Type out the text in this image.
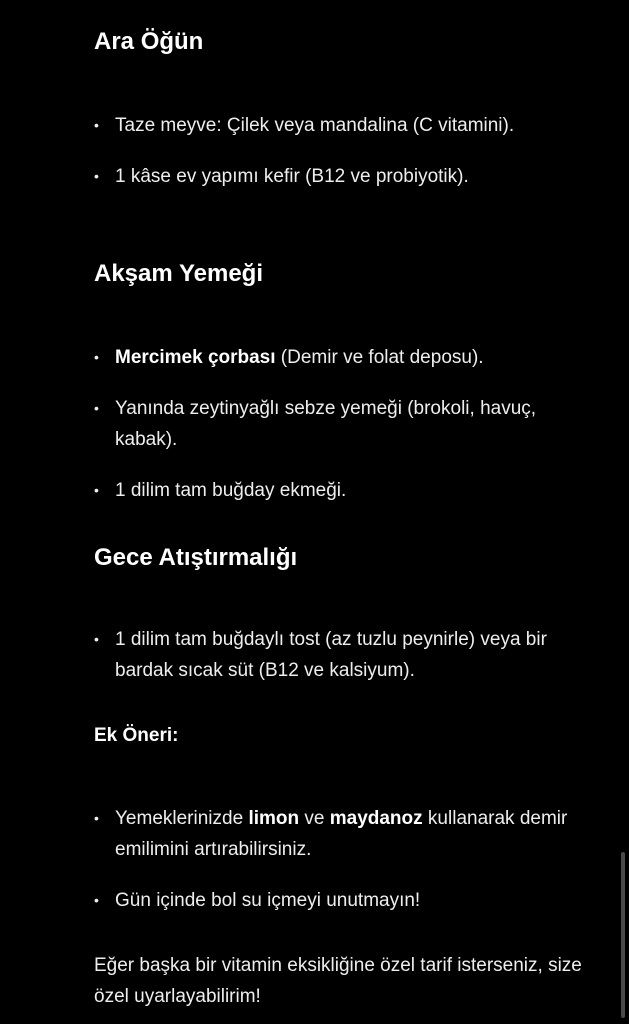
Ara Öğün
• Taze meyve: Çilek veya mandalina (C vitamini).
• 1 kâse ev yapımı kefir (B12 ve probiyotik).
Akşam Yemeği
• Mercimek çorbası (Demir ve folat deposu).
• Yanında zeytinyağlı sebze yemeği (brokoli, havuç, kabak).
• 1 dilim tam buğday ekmeği.
Gece Atıştırmalığı
• 1 dilim tam buğdaylı tost (az tuzlu peynirle) veya bir bardak sıcak süt (B12 ve kalsiyum).
Ek Öneri:
• Yemeklerinizde limon ve maydanoz kullanarak demir emilimini artırabilirsiniz.
• Gün içinde bol su içmeyi unutmayın!

Eğer başka bir vitamin eksikliğine özel tarif isterseniz, size özel uyarlayabilirim!
